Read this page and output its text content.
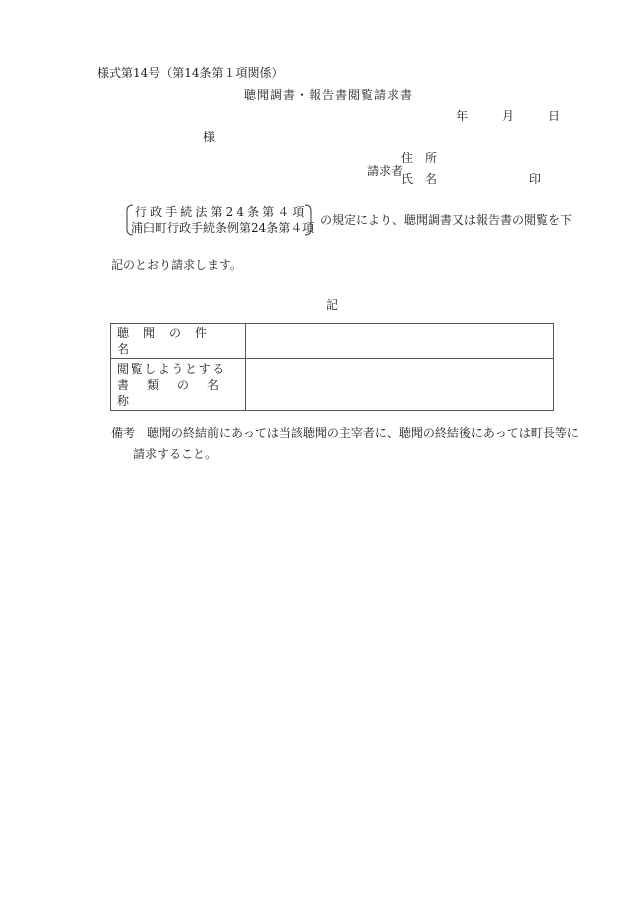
様式第14号（第14条第１項関係）
聴聞調書・報告書閲覧請求書
年	月	日
様
請求者
住所
氏名	印
行政手続法第24条第４項
浦臼町行政手続条例第24条第４項
の規定により、聴聞調書又は報告書の閲覧を下
記のとおり請求します。
記
聴聞の件名	

閲覧しようとする
書類の名称	

備考 聴聞の終結前にあっては当該聴聞の主宰者に、聴聞の終結後にあっては町長等に
請求すること。
